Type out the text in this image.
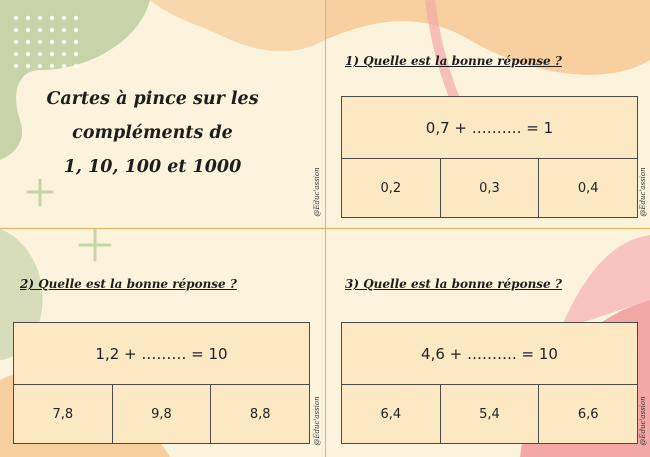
Cartes à pince sur les
compléments de
1, 10, 100 et 1000
@Educ'assion
1) Quelle est la bonne réponse ?
0,7 + ………. = 1
0,2	0,3	0,4	@Educ'assion
2) Quelle est la bonne réponse ?
1,2 + ……… = 10
7,8	9,8	8,8	@Educ'assion
3) Quelle est la bonne réponse ?
4,6 + ………. = 10
6,4	5,4	6,6	@Educ'assion
